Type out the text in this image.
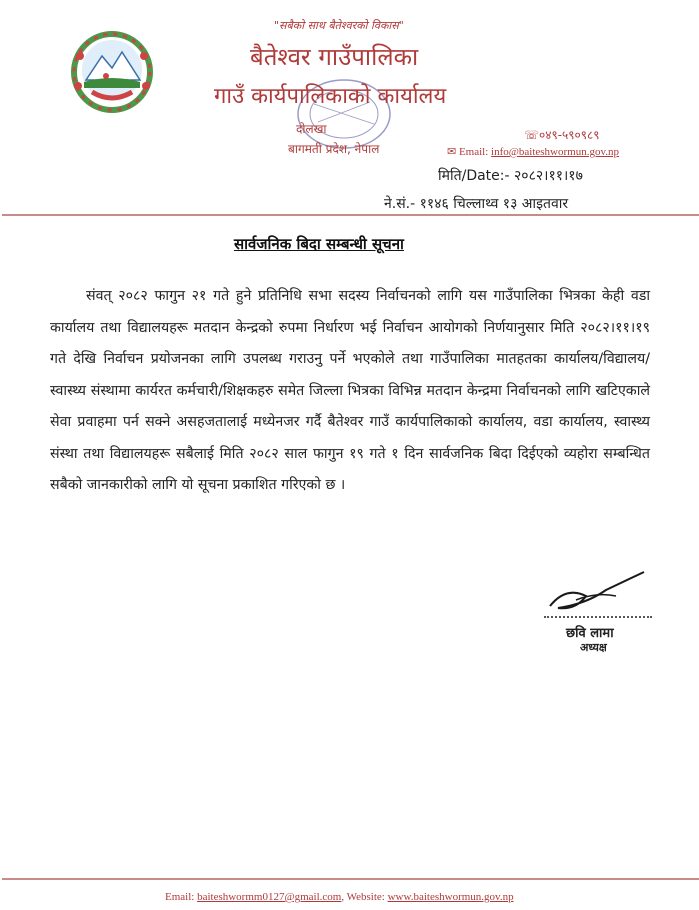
"सबैको साथ बैतेश्वरको विकास"
बैतेश्वर गाउँपालिका
गाउँ कार्यपालिकाको कार्यालय
दोलखा
बागमती प्रदेश, नेपाल
☏०४९-५९०९८९
✉ Email: info@baiteshwormun.gov.np
मिति/Date:- २०८२।११।१७
ने.सं.- ११४६ चिल्लाथ्व १३ आइतवार
सार्वजनिक बिदा सम्बन्धी सूचना
संवत् २०८२ फागुन २१ गते हुने प्रतिनिधि सभा सदस्य निर्वाचनको लागि यस गाउँपालिका भित्रका केही वडा कार्यालय तथा विद्यालयहरू मतदान केन्द्रको रुपमा निर्धारण भई निर्वाचन आयोगको निर्णयानुसार मिति २०८२।११।१९ गते देखि निर्वाचन प्रयोजनका लागि उपलब्ध गराउनु पर्ने भएकोले तथा गाउँपालिका मातहतका कार्यालय/विद्यालय/स्वास्थ्य संस्थामा कार्यरत कर्मचारी/शिक्षकहरु समेत जिल्ला भित्रका विभिन्न मतदान केन्द्रमा निर्वाचनको लागि खटिएकाले सेवा प्रवाहमा पर्न सक्ने असहजतालाई मध्येनजर गर्दै बैतेश्वर गाउँ कार्यपालिकाको कार्यालय, वडा कार्यालय, स्वास्थ्य संस्था तथा विद्यालयहरू सबैलाई मिति २०८२ साल फागुन १९ गते १ दिन सार्वजनिक बिदा दिईएको व्यहोरा सम्बन्धित सबैको जानकारीको लागि यो सूचना प्रकाशित गरिएको छ ।
छवि लामा
अध्यक्ष
Email: baiteshwormm0127@gmail.com, Website: www.baiteshwormun.gov.np
